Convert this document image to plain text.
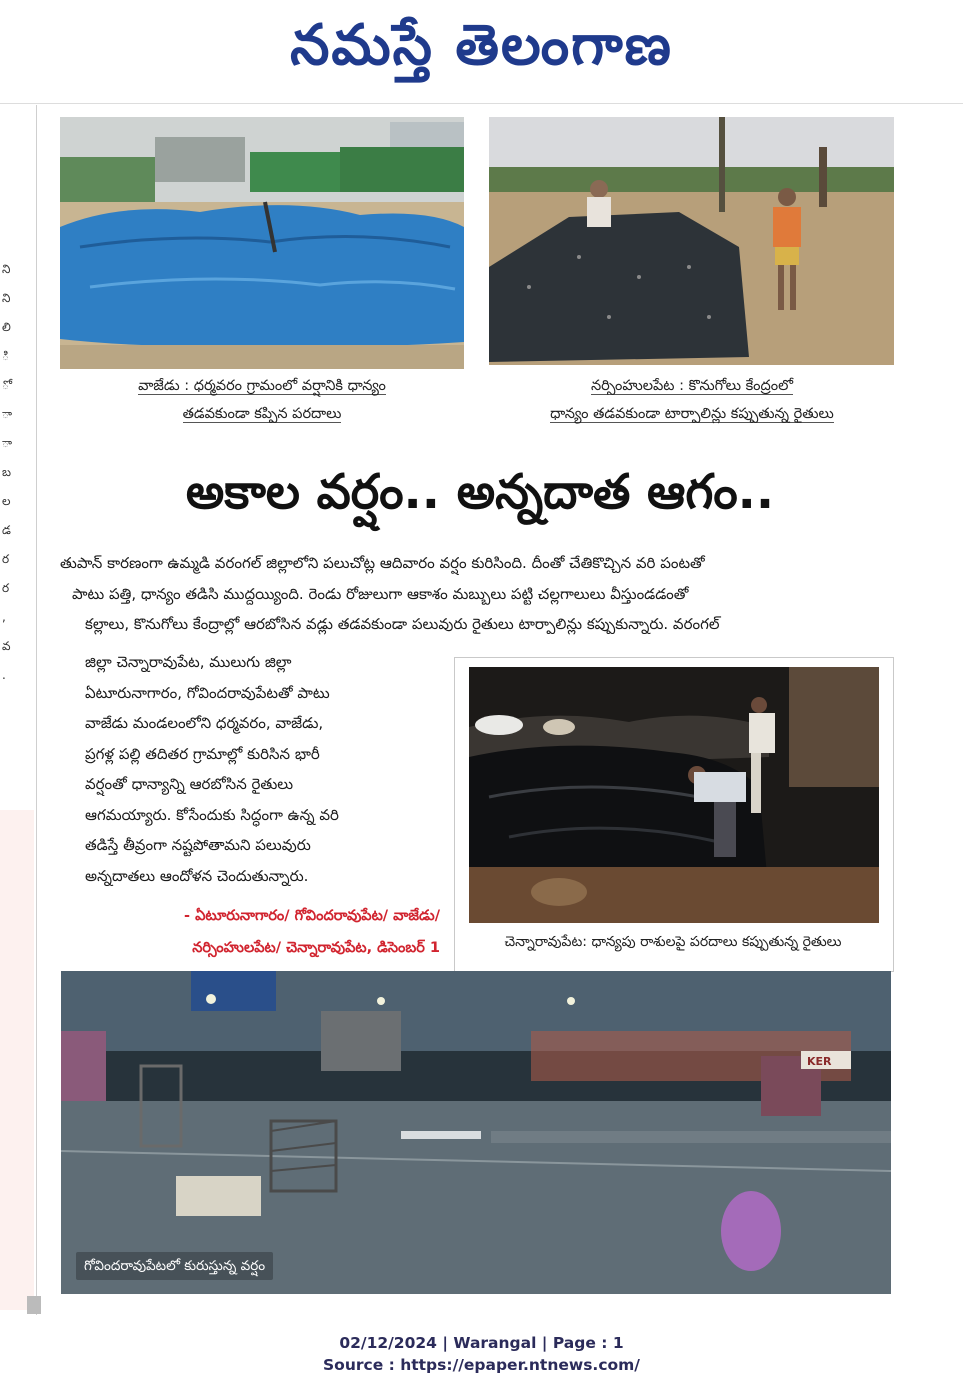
నమస్తే తెలంగాణ
ని ని లి ి ో ా ా బ ల డ ర ర , వ .
వాజేడు : ధర్మవరం గ్రామంలో వర్షానికి ధాన్యం
తడవకుండా కప్పిన పరదాలు
నర్సింహులపేట : కొనుగోలు కేంద్రంలో
ధాన్యం తడవకుండా టార్పాలిన్లు కప్పుతున్న రైతులు
అకాల వర్షం.. అన్నదాత ఆగం..
తుపాన్ కారణంగా ఉమ్మడి వరంగల్ జిల్లాలోని పలుచోట్ల ఆదివారం వర్షం కురిసింది. దీంతో చేతికొచ్చిన వరి పంటతో
పాటు పత్తి, ధాన్యం తడిసి ముద్దయ్యింది. రెండు రోజులుగా ఆకాశం మబ్బులు పట్టి చల్లగాలులు వీస్తుండడంతో
కల్లాలు, కొనుగోలు కేంద్రాల్లో ఆరబోసిన వడ్లు తడవకుండా పలువురు రైతులు టార్పాలిన్లు కప్పుకున్నారు. వరంగల్
జిల్లా చెన్నారావుపేట, ములుగు జిల్లా
ఏటూరునాగారం, గోవిందరావుపేటతో పాటు
వాజేడు మండలంలోని ధర్మవరం, వాజేడు,
ప్రగళ్ల పల్లి తదితర గ్రామాల్లో కురిసిన భారీ
వర్షంతో ధాన్యాన్ని ఆరబోసిన రైతులు
ఆగమయ్యారు. కోసేందుకు సిద్ధంగా ఉన్న వరి
తడిస్తే తీవ్రంగా నష్టపోతామని పలువురు
అన్నదాతలు ఆందోళన చెందుతున్నారు.
- ఏటూరునాగారం/ గోవిందరావుపేట/ వాజేడు/
నర్సింహులపేట/ చెన్నారావుపేట, డిసెంబర్ 1	చెన్నారావుపేట: ధాన్యపు రాశులపై పరదాలు కప్పుతున్న రైతులు
KER
గోవిందరావుపేటలో కురుస్తున్న వర్షం
02/12/2024 | Warangal | Page : 1
Source : https://epaper.ntnews.com/
